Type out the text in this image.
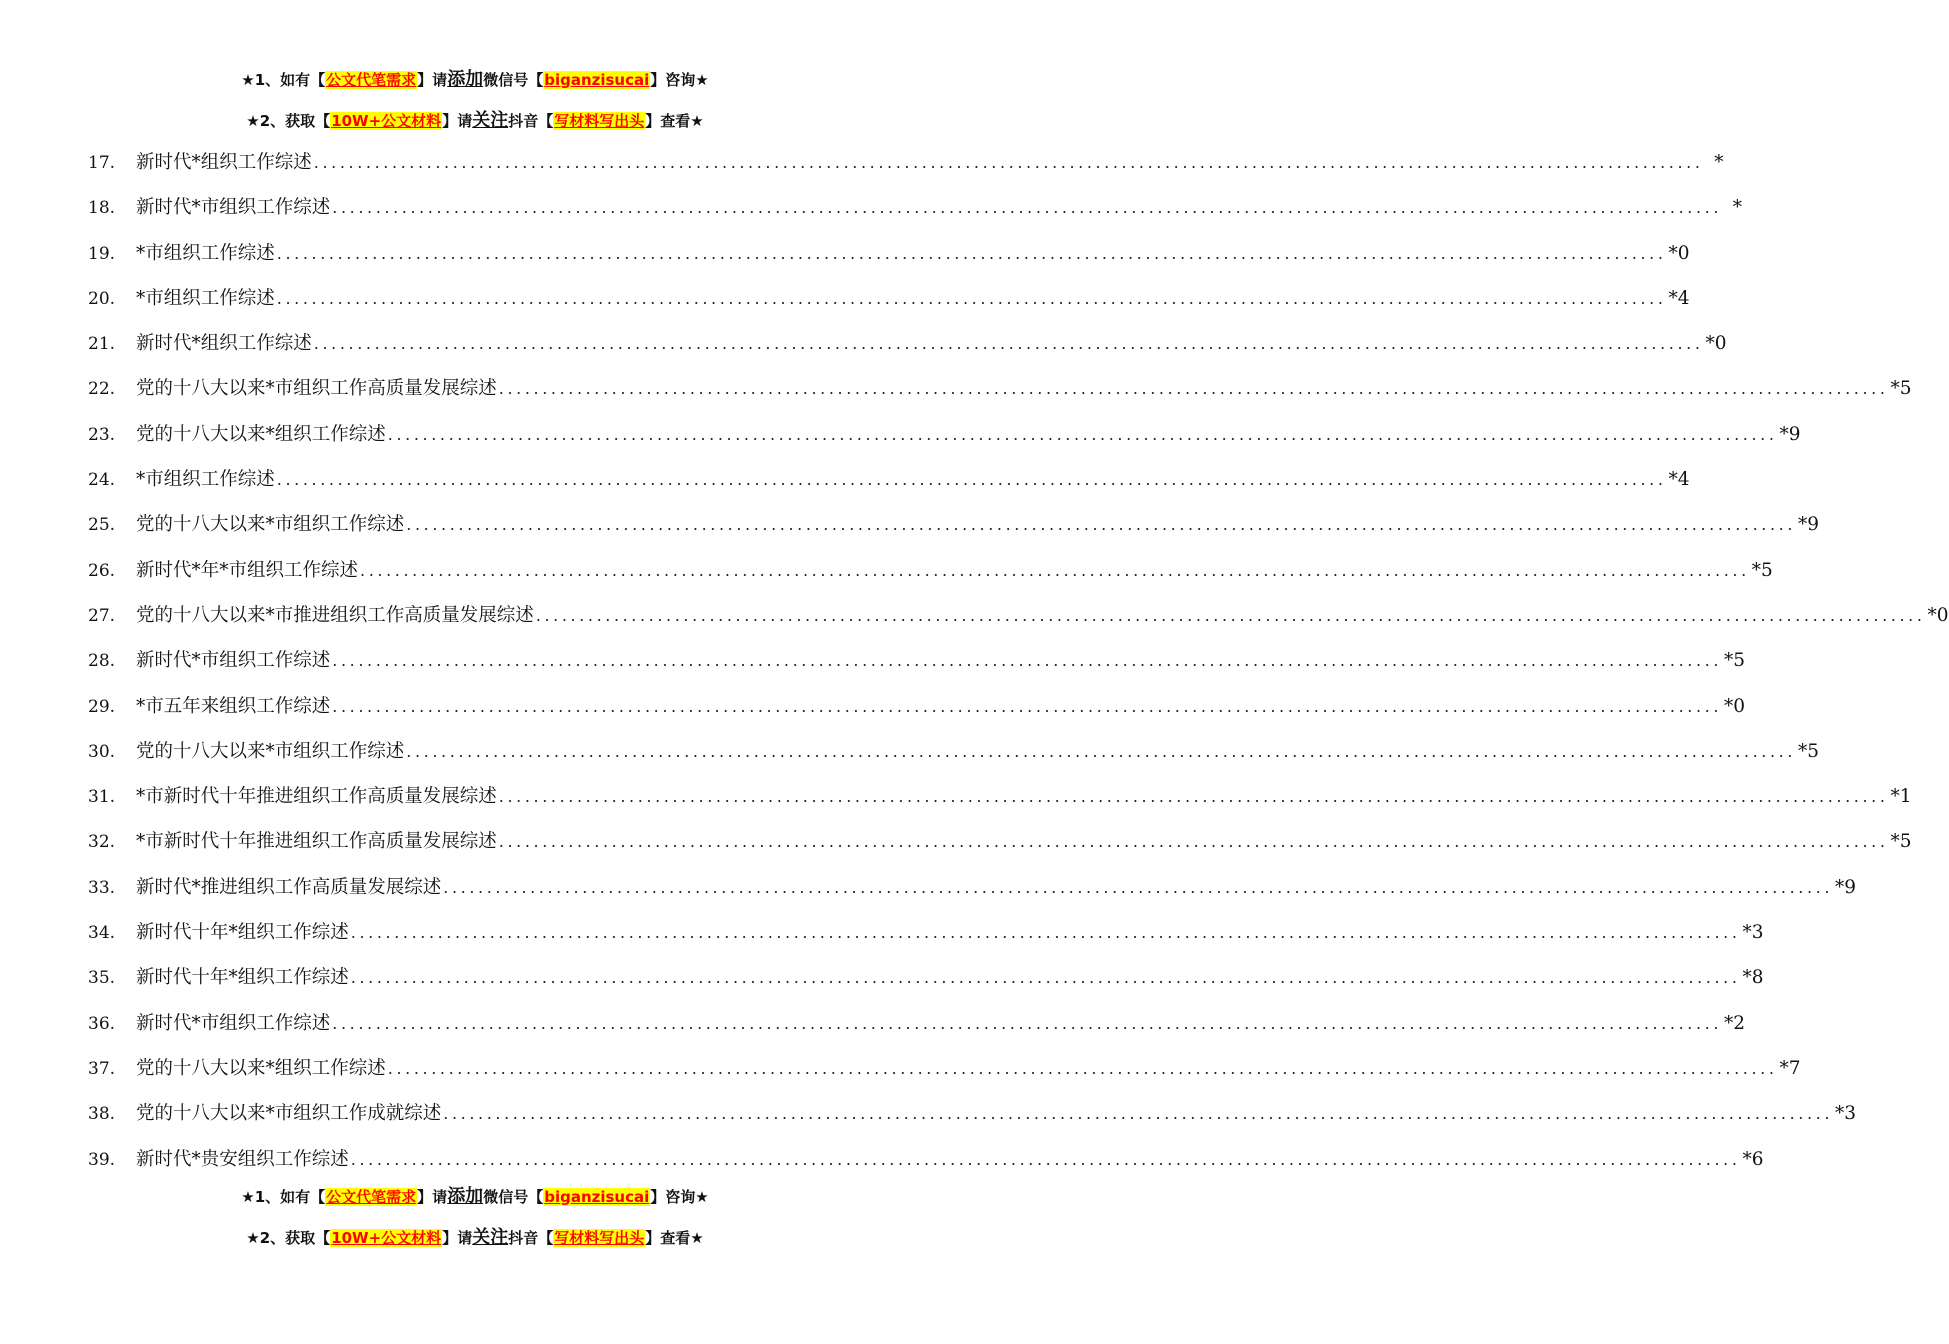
★1、如有【公文代笔需求】请添加微信号【biganzisucai】咨询★
★2、获取【10W+公文材料】请关注抖音【写材料写出头】查看★
17.	新时代*组织工作综述 ................................................................................................................................................................ *
18.	新时代*市组织工作综述 ................................................................................................................................................................ *
19.	*市组织工作综述 ................................................................................................................................................................ *0
20.	*市组织工作综述 ................................................................................................................................................................ *4
21.	新时代*组织工作综述 ................................................................................................................................................................ *0
22.	党的十八大以来*市组织工作高质量发展综述 ................................................................................................................................................................ *5
23.	党的十八大以来*组织工作综述 ................................................................................................................................................................ *9
24.	*市组织工作综述 ................................................................................................................................................................ *4
25.	党的十八大以来*市组织工作综述 ................................................................................................................................................................ *9
26.	新时代*年*市组织工作综述 ................................................................................................................................................................ *5
27.	党的十八大以来*市推进组织工作高质量发展综述 ................................................................................................................................................................ *0
28.	新时代*市组织工作综述 ................................................................................................................................................................ *5
29.	*市五年来组织工作综述 ................................................................................................................................................................ *0
30.	党的十八大以来*市组织工作综述 ................................................................................................................................................................ *5
31.	*市新时代十年推进组织工作高质量发展综述 ................................................................................................................................................................ *1
32.	*市新时代十年推进组织工作高质量发展综述 ................................................................................................................................................................ *5
33.	新时代*推进组织工作高质量发展综述 ................................................................................................................................................................ *9
34.	新时代十年*组织工作综述 ................................................................................................................................................................ *3
35.	新时代十年*组织工作综述 ................................................................................................................................................................ *8
36.	新时代*市组织工作综述 ................................................................................................................................................................ *2
37.	党的十八大以来*组织工作综述 ................................................................................................................................................................ *7
38.	党的十八大以来*市组织工作成就综述 ................................................................................................................................................................ *3
39.	新时代*贵安组织工作综述 ................................................................................................................................................................ *6
★1、如有【公文代笔需求】请添加微信号【biganzisucai】咨询★
★2、获取【10W+公文材料】请关注抖音【写材料写出头】查看★
